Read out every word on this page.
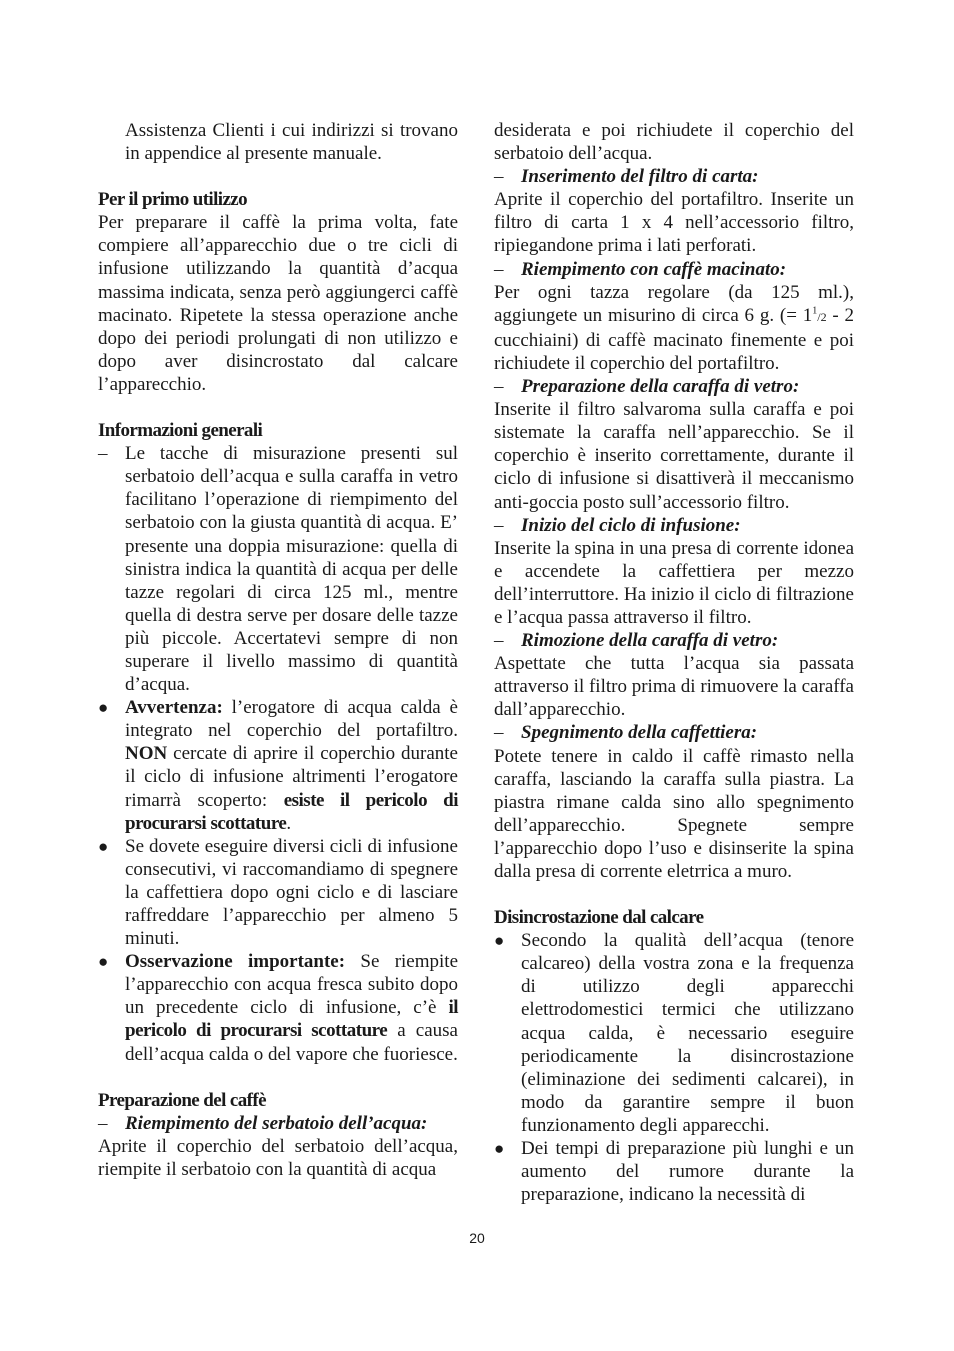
Assistenza Clienti i cui indirizzi si trovano in appendice al presente manuale.

Per il primo utilizzo

Per preparare il caffè la prima volta, fate compiere all’apparecchio due o tre cicli di infusione utilizzando la quantità d’acqua massima indicata, senza però aggiungerci caffè macinato. Ripetete la stessa operazione anche dopo dei periodi prolungati di non utilizzo e dopo aver disincrostato dal calcare l’apparecchio.

Informazioni generali

– Le tacche di misurazione presenti sul serbatoio dell’acqua e sulla caraffa in vetro facilitano l’operazione di riempimento del serbatoio con la giusta quantità di acqua. E’ presente una doppia misurazione: quella di sinistra indica la quantità di acqua per delle tazze regolari di circa 125 ml., mentre quella di destra serve per dosare delle tazze più piccole. Accertatevi sempre di non superare il livello massimo di quantità d’acqua.
● Avvertenza: l’erogatore di acqua calda è integrato nel coperchio del portafiltro. NON cercate di aprire il coperchio durante il ciclo di infusione altrimenti l’erogatore rimarrà scoperto: esiste il pericolo di procurarsi scottature.
● Se dovete eseguire diversi cicli di infusione consecutivi, vi raccomandiamo di spegnere la caffettiera dopo ogni ciclo e di lasciare raffreddare l’apparecchio per almeno 5 minuti.
● Osservazione importante: Se riempite l’apparecchio con acqua fresca subito dopo un precedente ciclo di infusione, c’è il pericolo di procurarsi scottature a causa dell’acqua calda o del vapore che fuoriesce.

Preparazione del caffè

– Riempimento del serbatoio dell’acqua:

Aprite il coperchio del serbatoio dell’acqua, riempite il serbatoio con la quantità di acqua

desiderata e poi richiudete il coperchio del serbatoio dell’acqua.

– Inserimento del filtro di carta:

Aprite il coperchio del portafiltro. Inserite un filtro di carta 1 x 4 nell’accessorio filtro, ripiegandone prima i lati perforati.

– Riempimento con caffè macinato:

Per ogni tazza regolare (da 125 ml.), aggiungete un misurino di circa 6 g. (= $1^1/2 - 2$ cucchiaini) di caffè macinato finemente e poi richiudete il coperchio del portafiltro.

– Preparazione della caraffa di vetro:

Inserite il filtro salvaroma sulla caraffa e poi sistemate la caraffa nell’apparecchio. Se il coperchio è inserito correttamente, durante il ciclo di infusione si disattiverà il meccanismo anti-goccia posto sull’accessorio filtro.

– Inizio del ciclo di infusione:

Inserite la spina in una presa di corrente idonea e accendete la caffettiera per mezzo dell’interruttore. Ha inizio il ciclo di filtrazione e l’acqua passa attraverso il filtro.

– Rimozione della caraffa di vetro:

Aspettate che tutta l’acqua sia passata attraverso il filtro prima di rimuovere la caraffa dall’apparecchio.

– Spegnimento della caffettiera:

Potete tenere in caldo il caffè rimasto nella caraffa, lasciando la caraffa sulla piastra. La piastra rimane calda sino allo spegnimento dell’apparecchio. Spegnete sempre l’apparecchio dopo l’uso e disinserite la spina dalla presa di corrente eletrrica a muro.

Disincrostazione dal calcare

● Secondo la qualità dell’acqua (tenore calcareo) della vostra zona e la frequenza di utilizzo degli apparecchi elettrodomestici termici che utilizzano acqua calda, è necessario eseguire periodicamente la disincrostazione (eliminazione dei sedimenti calcarei), in modo da garantire sempre il buon funzionamento degli apparecchi.
● Dei tempi di preparazione più lunghi e un aumento del rumore durante la preparazione, indicano la necessità di
20
